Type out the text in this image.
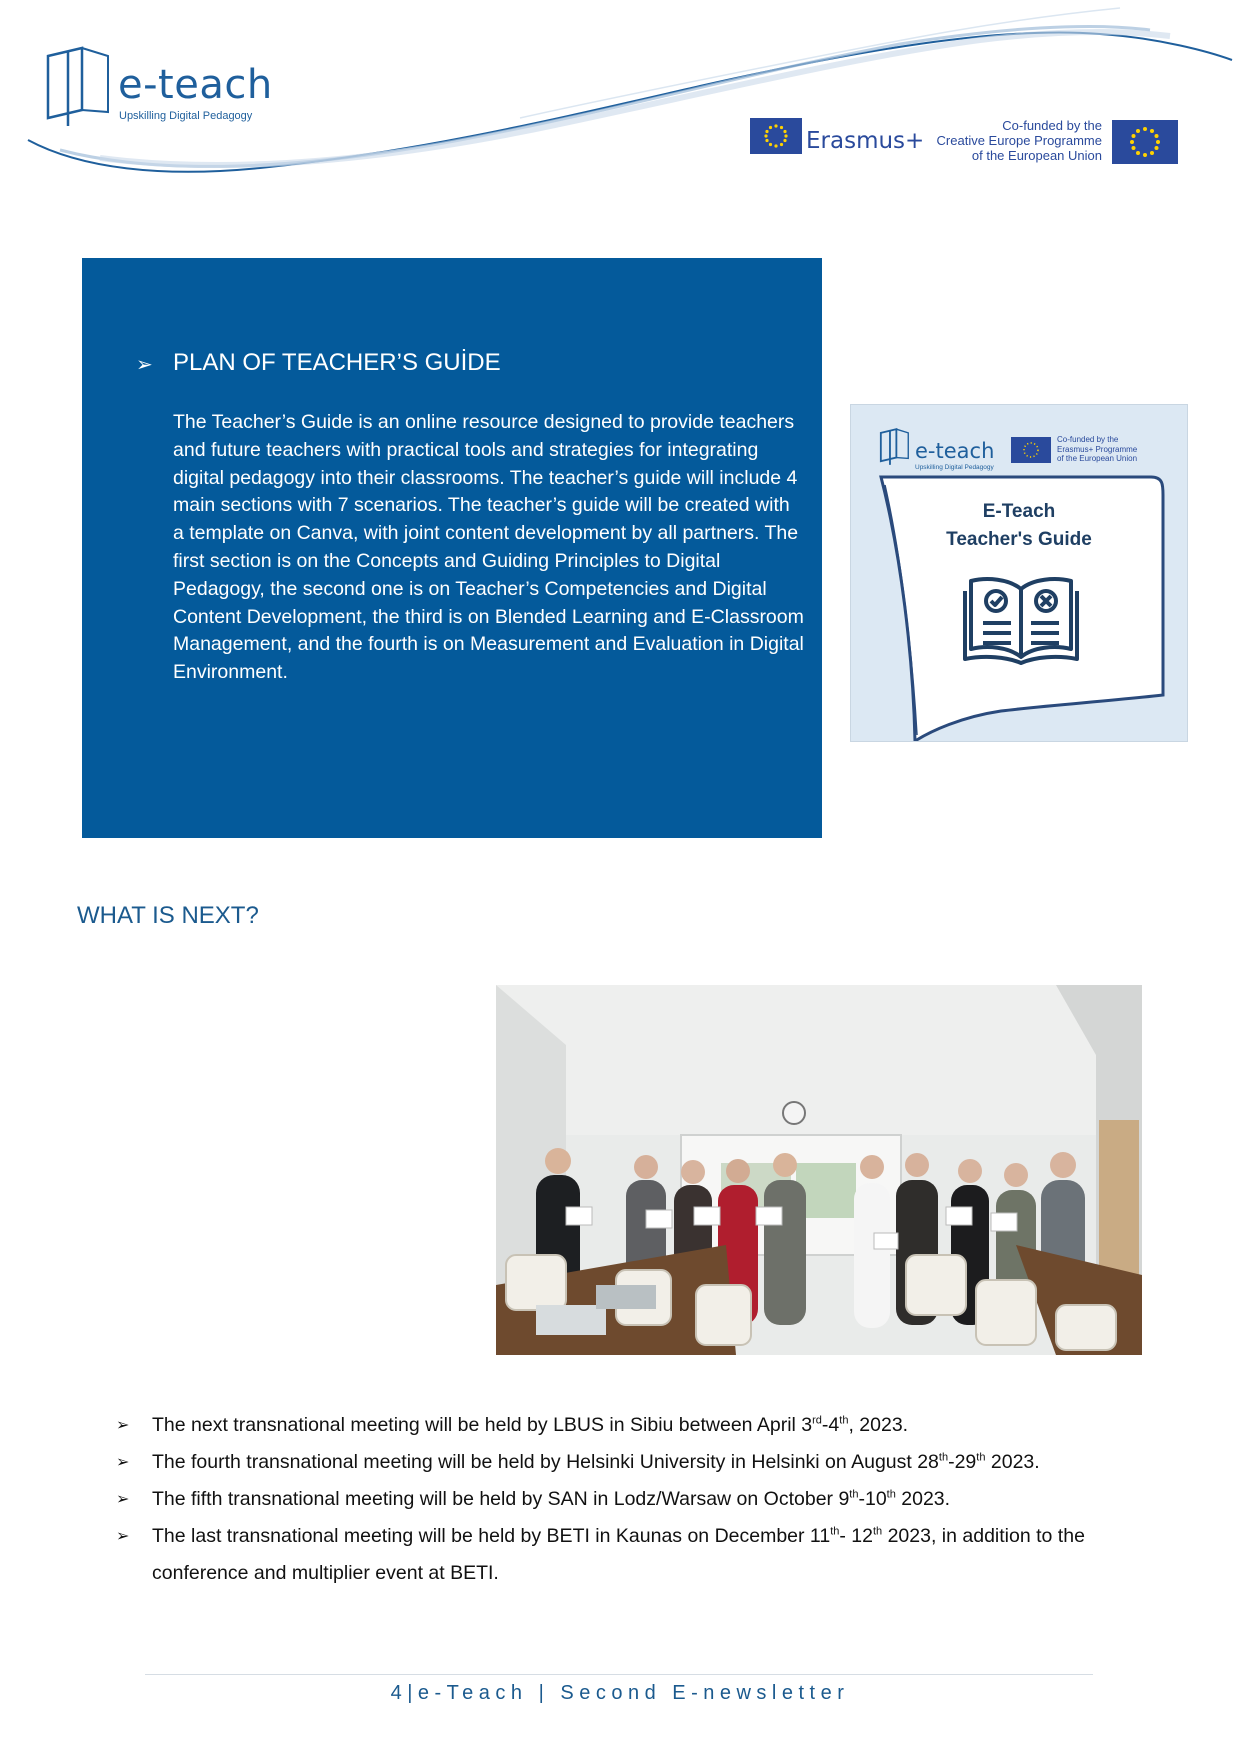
e-teach
Upskilling Digital Pedagogy
Erasmus+
Co-funded by the
Creative Europe Programme
of the European Union
➢ PLAN OF TEACHER’S GUİDE
The Teacher’s Guide is an online resource designed to provide teachers and future teachers with practical tools and strategies for integrating digital pedagogy into their classrooms. The teacher’s guide will include 4 main sections with 7 scenarios. The teacher’s guide will be created with a template on Canva, with joint content development by all partners. The first section is on the Concepts and Guiding Principles to Digital Pedagogy, the second one is on Teacher’s Competencies and Digital Content Development, the third is on Blended Learning and E-Classroom Management, and the fourth is on Measurement and Evaluation in Digital Environment.
e-teach
Upskilling Digital Pedagogy
Co-funded by the
Erasmus+ Programme
of the European Union
E-Teach
Teacher's Guide
WHAT IS NEXT?
➢ The next transnational meeting will be held by LBUS in Sibiu between April 3rd-4th, 2023.
➢ The fourth transnational meeting will be held by Helsinki University in Helsinki on August 28th-29th 2023.
➢ The fifth transnational meeting will be held by SAN in Lodz/Warsaw on October 9th-10th 2023.
➢ The last transnational meeting will be held by BETI in Kaunas on December 11th- 12th 2023, in addition to the conference and multiplier event at BETI.
4|e-Teach | Second E-newsletter
